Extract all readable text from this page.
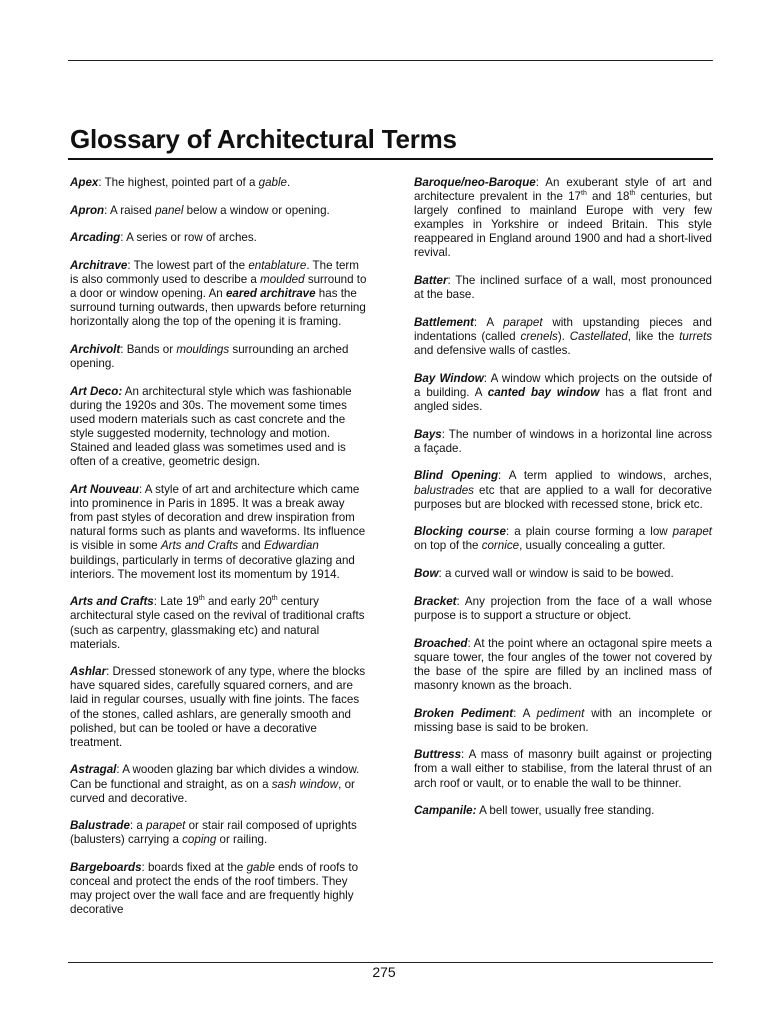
Glossary of Architectural Terms

Apex: The highest, pointed part of a gable.

Apron: A raised panel below a window or opening.

Arcading: A series or row of arches.

Architrave: The lowest part of the entablature. The term is also commonly used to describe a moulded surround to a door or window opening. An eared architrave has the surround turning outwards, then upwards before returning horizontally along the top of the opening it is framing.

Archivolt: Bands or mouldings surrounding an arched opening.

Art Deco: An architectural style which was fashionable during the 1920s and 30s. The movement some times used modern materials such as cast concrete and the style suggested modernity, technology and motion. Stained and leaded glass was sometimes used and is often of a creative, geometric design.

Art Nouveau: A style of art and architecture which came into prominence in Paris in 1895. It was a break away from past styles of decoration and drew inspiration from natural forms such as plants and waveforms. Its influence is visible in some Arts and Crafts and Edwardian buildings, particularly in terms of decorative glazing and interiors. The movement lost its momentum by 1914.

Arts and Crafts: Late 19th and early 20th century architectural style cased on the revival of traditional crafts (such as carpentry, glassmaking etc) and natural materials.

Ashlar: Dressed stonework of any type, where the blocks have squared sides, carefully squared corners, and are laid in regular courses, usually with fine joints. The faces of the stones, called ashlars, are generally smooth and polished, but can be tooled or have a decorative treatment.

Astragal: A wooden glazing bar which divides a window. Can be functional and straight, as on a sash window, or curved and decorative.

Balustrade: a parapet or stair rail composed of uprights (balusters) carrying a coping or railing.

Bargeboards: boards fixed at the gable ends of roofs to conceal and protect the ends of the roof timbers. They may project over the wall face and are frequently highly decorative

Baroque/neo-Baroque: An exuberant style of art and architecture prevalent in the 17th and 18th centuries, but largely confined to mainland Europe with very few examples in Yorkshire or indeed Britain. This style reappeared in England around 1900 and had a short-lived revival.

Batter: The inclined surface of a wall, most pronounced at the base.

Battlement: A parapet with upstanding pieces and indentations (called crenels). Castellated, like the turrets and defensive walls of castles.

Bay Window: A window which projects on the outside of a building. A canted bay window has a flat front and angled sides.

Bays: The number of windows in a horizontal line across a façade.

Blind Opening: A term applied to windows, arches, balustrades etc that are applied to a wall for decorative purposes but are blocked with recessed stone, brick etc.

Blocking course: a plain course forming a low parapet on top of the cornice, usually concealing a gutter.

Bow: a curved wall or window is said to be bowed.

Bracket: Any projection from the face of a wall whose purpose is to support a structure or object.

Broached: At the point where an octagonal spire meets a square tower, the four angles of the tower not covered by the base of the spire are filled by an inclined mass of masonry known as the broach.

Broken Pediment: A pediment with an incomplete or missing base is said to be broken.

Buttress: A mass of masonry built against or projecting from a wall either to stabilise, from the lateral thrust of an arch roof or vault, or to enable the wall to be thinner.

Campanile: A bell tower, usually free standing.

275
